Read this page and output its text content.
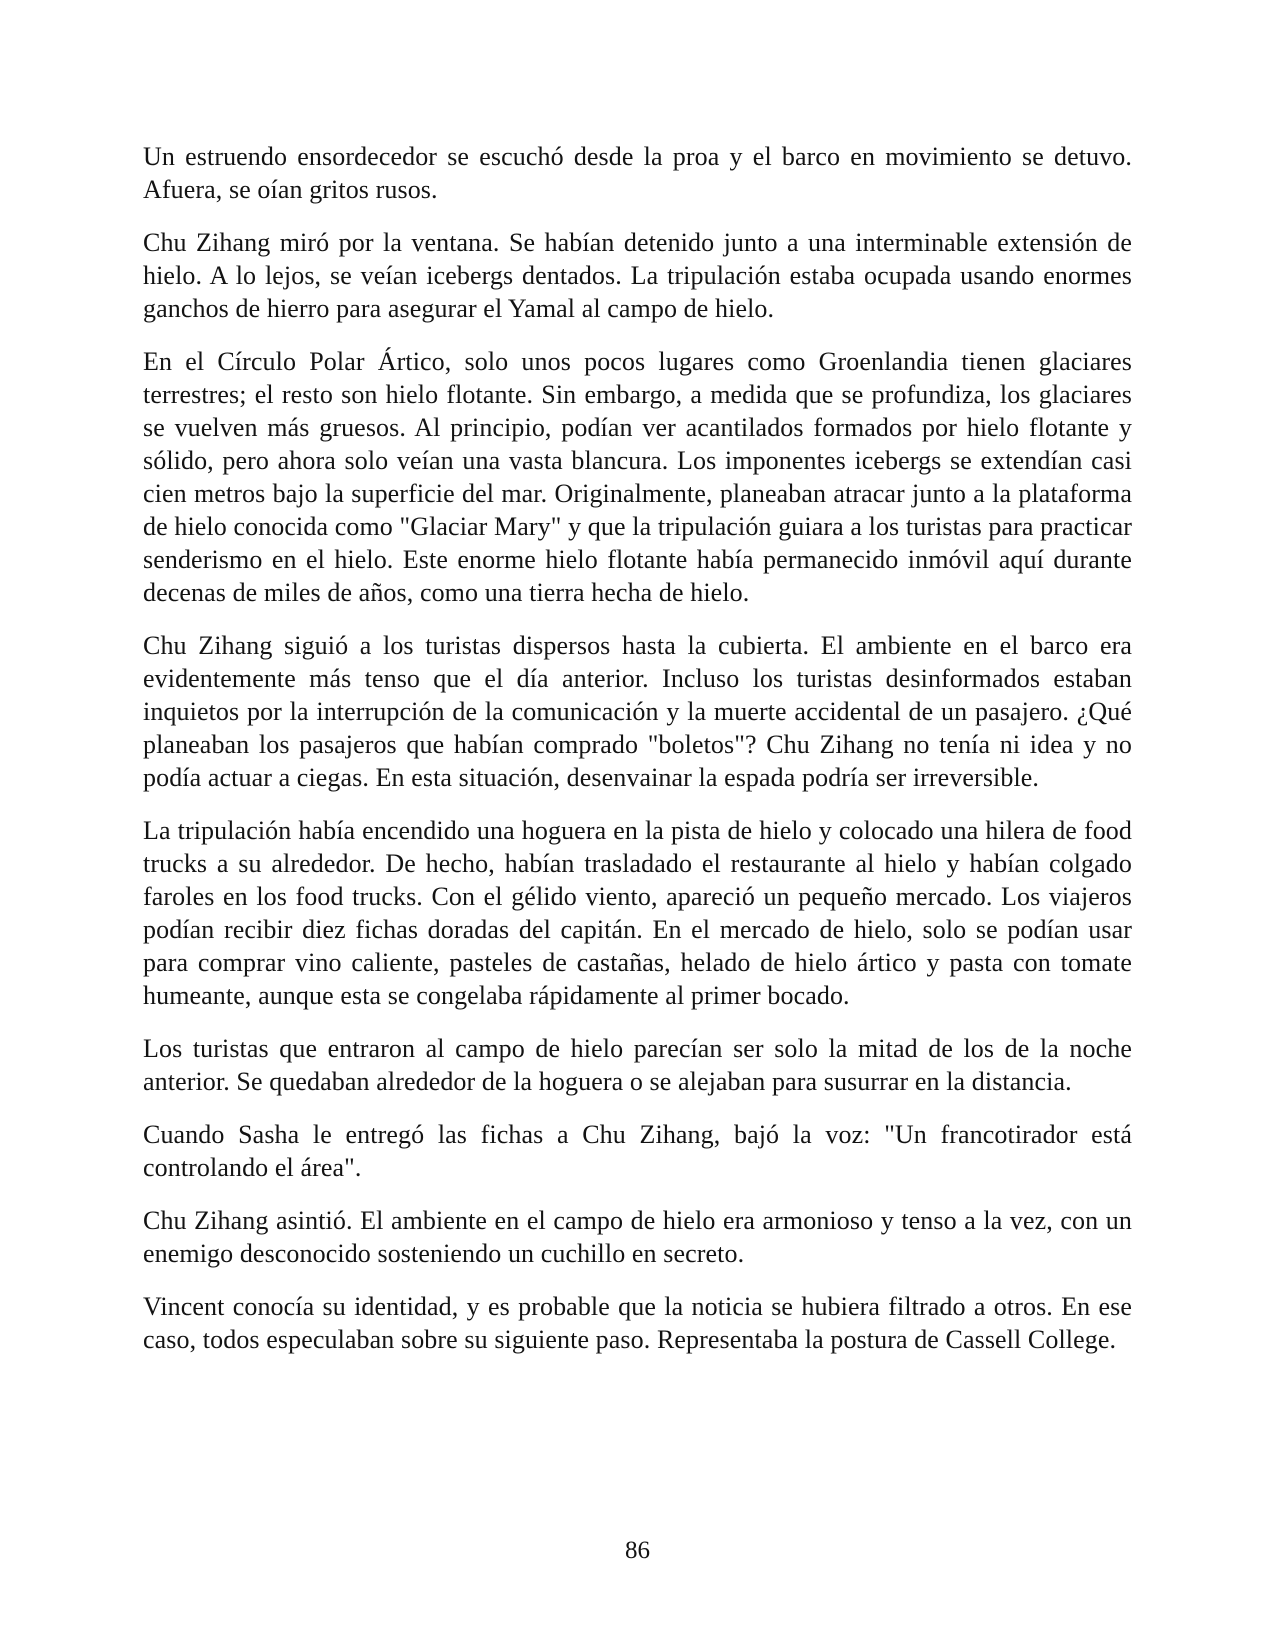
Un estruendo ensordecedor se escuchó desde la proa y el barco en movimiento se detuvo. Afuera, se oían gritos rusos.

Chu Zihang miró por la ventana. Se habían detenido junto a una interminable extensión de hielo. A lo lejos, se veían icebergs dentados. La tripulación estaba ocupada usando enormes ganchos de hierro para asegurar el Yamal al campo de hielo.

En el Círculo Polar Ártico, solo unos pocos lugares como Groenlandia tienen glaciares terrestres; el resto son hielo flotante. Sin embargo, a medida que se profundiza, los glaciares se vuelven más gruesos. Al principio, podían ver acantilados formados por hielo flotante y sólido, pero ahora solo veían una vasta blancura. Los imponentes icebergs se extendían casi cien metros bajo la superficie del mar. Originalmente, planeaban atracar junto a la plataforma de hielo conocida como "Glaciar Mary" y que la tripulación guiara a los turistas para practicar senderismo en el hielo. Este enorme hielo flotante había permanecido inmóvil aquí durante decenas de miles de años, como una tierra hecha de hielo.

Chu Zihang siguió a los turistas dispersos hasta la cubierta. El ambiente en el barco era evidentemente más tenso que el día anterior. Incluso los turistas desinformados estaban inquietos por la interrupción de la comunicación y la muerte accidental de un pasajero. ¿Qué planeaban los pasajeros que habían comprado "boletos"? Chu Zihang no tenía ni idea y no podía actuar a ciegas. En esta situación, desenvainar la espada podría ser irreversible.

La tripulación había encendido una hoguera en la pista de hielo y colocado una hilera de food trucks a su alrededor. De hecho, habían trasladado el restaurante al hielo y habían colgado faroles en los food trucks. Con el gélido viento, apareció un pequeño mercado. Los viajeros podían recibir diez fichas doradas del capitán. En el mercado de hielo, solo se podían usar para comprar vino caliente, pasteles de castañas, helado de hielo ártico y pasta con tomate humeante, aunque esta se congelaba rápidamente al primer bocado.

Los turistas que entraron al campo de hielo parecían ser solo la mitad de los de la noche anterior. Se quedaban alrededor de la hoguera o se alejaban para susurrar en la distancia.

Cuando Sasha le entregó las fichas a Chu Zihang, bajó la voz: "Un francotirador está controlando el área".

Chu Zihang asintió. El ambiente en el campo de hielo era armonioso y tenso a la vez, con un enemigo desconocido sosteniendo un cuchillo en secreto.

Vincent conocía su identidad, y es probable que la noticia se hubiera filtrado a otros. En ese caso, todos especulaban sobre su siguiente paso. Representaba la postura de Cassell College.

86
